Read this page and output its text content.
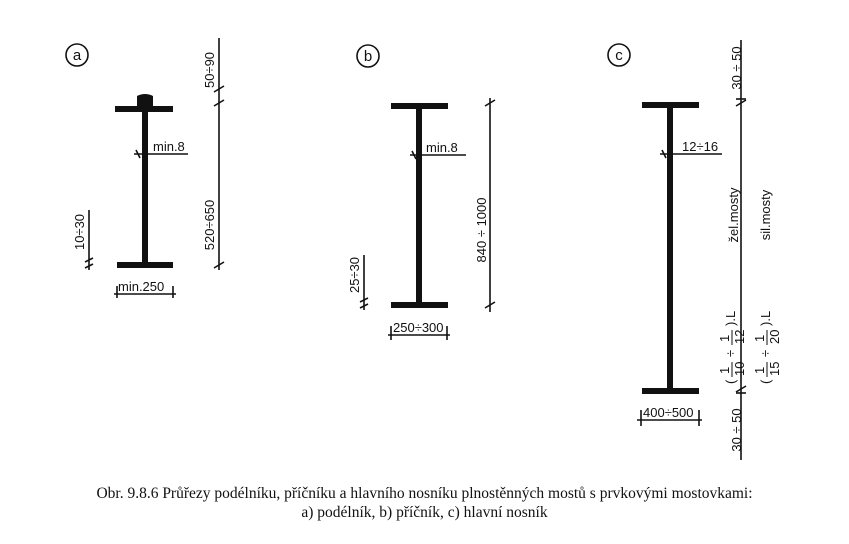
a	b	c
min.8
min.250
520÷650
50÷90
10÷30
min.8
250÷300
840 ÷ 1000
25÷30
12÷16
400÷500
30 ÷ 50
30 ÷ 50
žel.mosty sil.mosty
(
1 10
÷
1 12
).L
(
1 15
÷
1 20
).L
Obr. 9.8.6 Průřezy podélníku, příčníku a hlavního nosníku plnostěnných mostů s prvkovými mostovkami:
a) podélník, b) příčník, c) hlavní nosník
